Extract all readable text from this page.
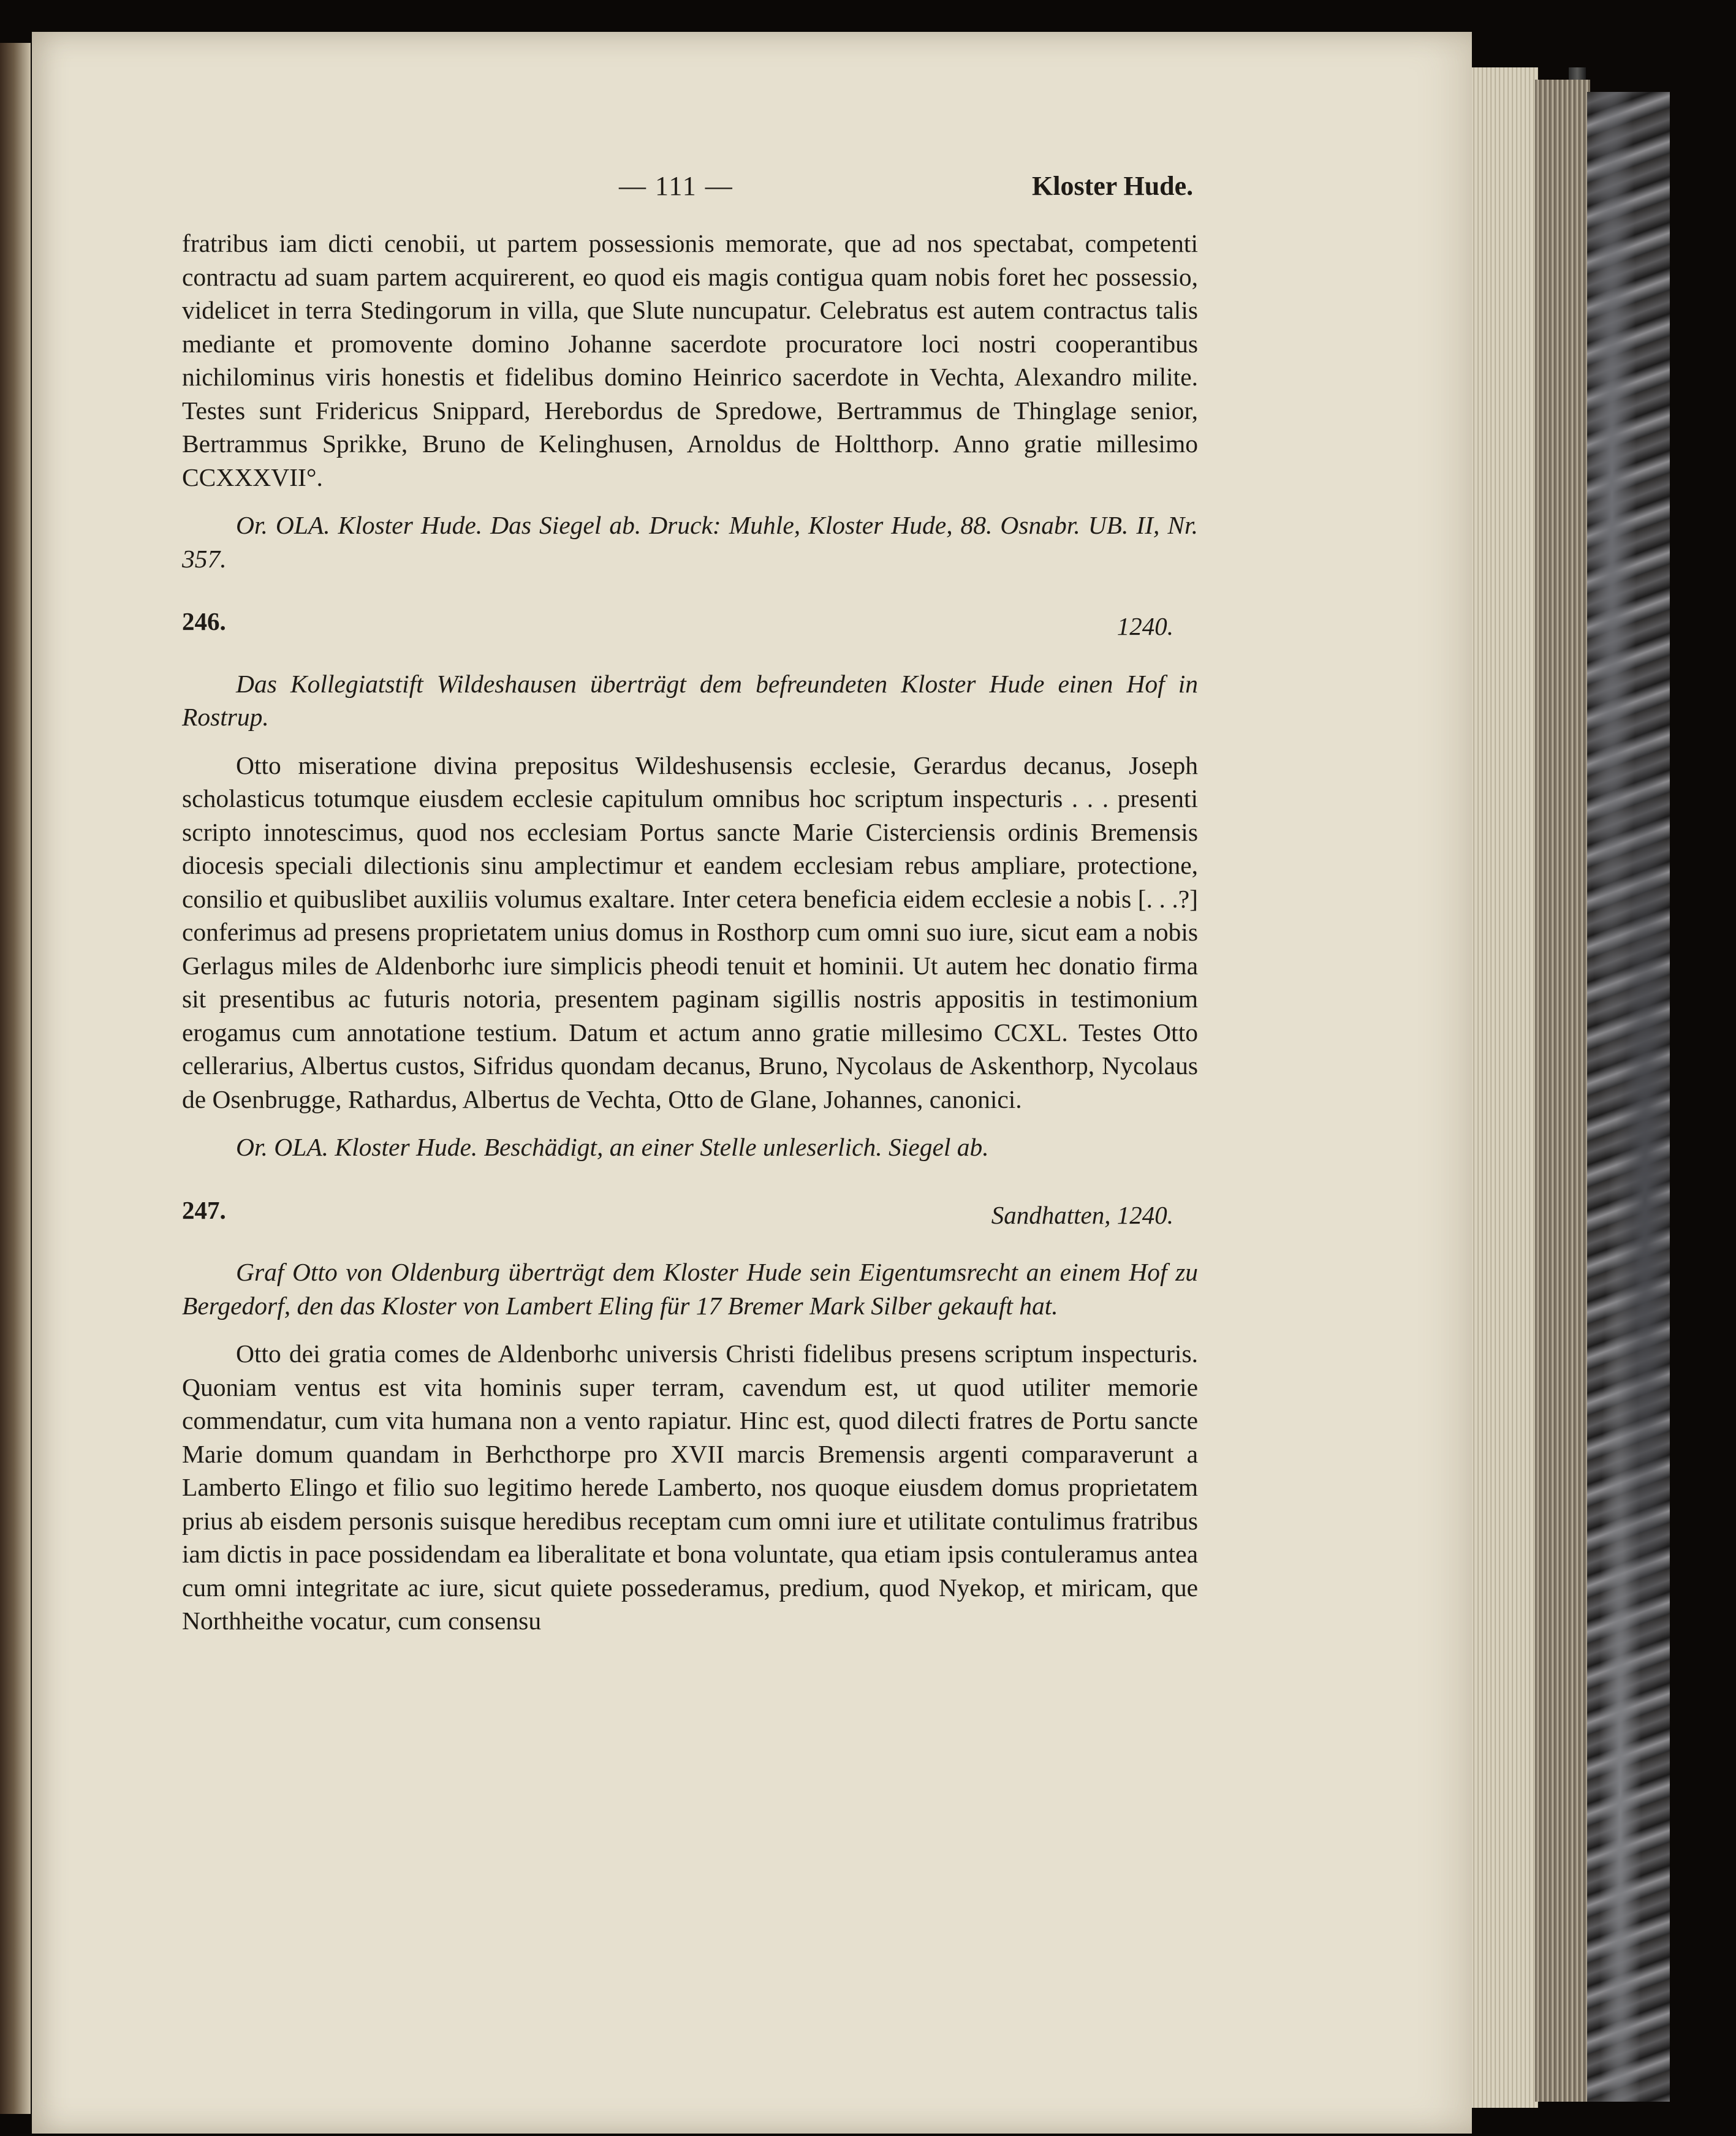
— 111 —	Kloster Hude.

fratribus iam dicti cenobii, ut partem possessionis memorate, que ad nos spectabat, competenti contractu ad suam partem acquirerent, eo quod eis magis contigua quam nobis foret hec possessio, videlicet in terra Stedingorum in villa, que Slute nuncupatur. Celebratus est autem contractus talis mediante et promovente domino Johanne sacerdote procuratore loci nostri cooperantibus nichilominus viris honestis et fidelibus domino Heinrico sacerdote in Vechta, Alexandro milite. Testes sunt Fridericus Snippard, Herebordus de Spredowe, Bertrammus de Thinglage senior, Bertrammus Sprikke, Bruno de Kelinghusen, Arnoldus de Holtthorp. Anno gratie millesimo CCXXXVII°.

Or. OLA. Kloster Hude. Das Siegel ab. Druck: Muhle, Kloster Hude, 88. Osnabr. UB. II, Nr. 357.

246.	1240.

Das Kollegiatstift Wildeshausen überträgt dem befreundeten Kloster Hude einen Hof in Rostrup.

Otto miseratione divina prepositus Wildeshusensis ecclesie, Gerardus decanus, Joseph scholasticus totumque eiusdem ecclesie capitulum omnibus hoc scriptum inspecturis . . . presenti scripto innotescimus, quod nos ecclesiam Portus sancte Marie Cisterciensis ordinis Bremensis diocesis speciali dilectionis sinu amplectimur et eandem ecclesiam rebus ampliare, protectione, consilio et quibuslibet auxiliis volumus exaltare. Inter cetera beneficia eidem ecclesie a nobis [. . .?] conferimus ad presens proprietatem unius domus in Rosthorp cum omni suo iure, sicut eam a nobis Gerlagus miles de Aldenborhc iure simplicis pheodi tenuit et hominii. Ut autem hec donatio firma sit presentibus ac futuris notoria, presentem paginam sigillis nostris appositis in testimonium erogamus cum annotatione testium. Datum et actum anno gratie millesimo CCXL. Testes Otto cellerarius, Albertus custos, Sifridus quondam decanus, Bruno, Nycolaus de Askenthorp, Nycolaus de Osenbrugge, Rathardus, Albertus de Vechta, Otto de Glane, Johannes, canonici.

Or. OLA. Kloster Hude. Beschädigt, an einer Stelle unleserlich. Siegel ab.

247.	Sandhatten, 1240.

Graf Otto von Oldenburg überträgt dem Kloster Hude sein Eigentumsrecht an einem Hof zu Bergedorf, den das Kloster von Lambert Eling für 17 Bremer Mark Silber gekauft hat.

Otto dei gratia comes de Aldenborhc universis Christi fidelibus presens scriptum inspecturis. Quoniam ventus est vita hominis super terram, cavendum est, ut quod utiliter memorie commendatur, cum vita humana non a vento rapiatur. Hinc est, quod dilecti fratres de Portu sancte Marie domum quandam in Berhcthorpe pro XVII marcis Bremensis argenti comparaverunt a Lamberto Elingo et filio suo legitimo herede Lamberto, nos quoque eiusdem domus proprietatem prius ab eisdem personis suisque heredibus receptam cum omni iure et utilitate contulimus fratribus iam dictis in pace possidendam ea liberalitate et bona voluntate, qua etiam ipsis contuleramus antea cum omni integritate ac iure, sicut quiete possederamus, predium, quod Nyekop, et miricam, que Northheithe vocatur, cum consensu
